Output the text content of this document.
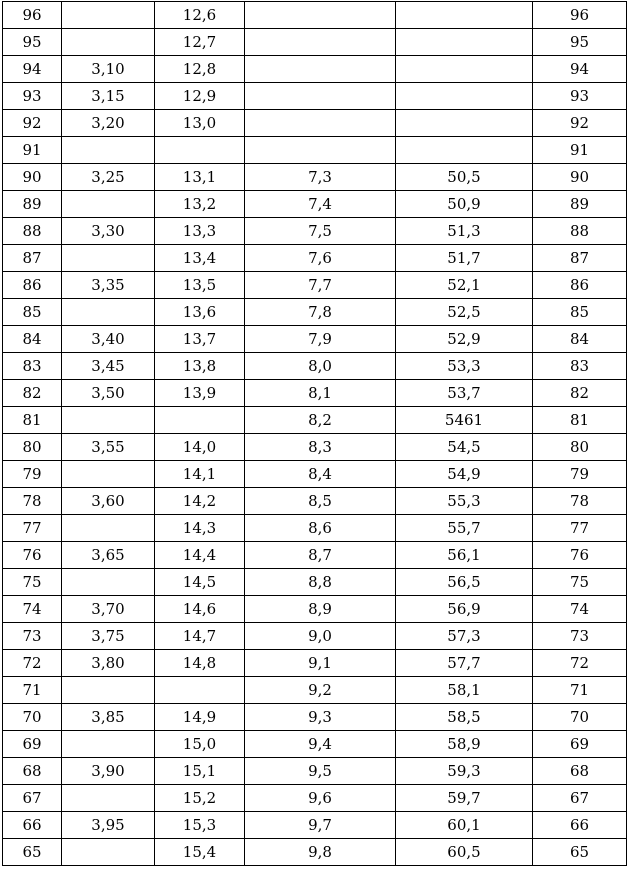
96		12,6			96
95		12,7			95
94	3,10	12,8			94
93	3,15	12,9			93
92	3,20	13,0			92
91					91
90	3,25	13,1	7,3	50,5	90
89		13,2	7,4	50,9	89
88	3,30	13,3	7,5	51,3	88
87		13,4	7,6	51,7	87
86	3,35	13,5	7,7	52,1	86
85		13,6	7,8	52,5	85
84	3,40	13,7	7,9	52,9	84
83	3,45	13,8	8,0	53,3	83
82	3,50	13,9	8,1	53,7	82
81			8,2	5461	81
80	3,55	14,0	8,3	54,5	80
79		14,1	8,4	54,9	79
78	3,60	14,2	8,5	55,3	78
77		14,3	8,6	55,7	77
76	3,65	14,4	8,7	56,1	76
75		14,5	8,8	56,5	75
74	3,70	14,6	8,9	56,9	74
73	3,75	14,7	9,0	57,3	73
72	3,80	14,8	9,1	57,7	72
71			9,2	58,1	71
70	3,85	14,9	9,3	58,5	70
69		15,0	9,4	58,9	69
68	3,90	15,1	9,5	59,3	68
67		15,2	9,6	59,7	67
66	3,95	15,3	9,7	60,1	66
65		15,4	9,8	60,5	65
